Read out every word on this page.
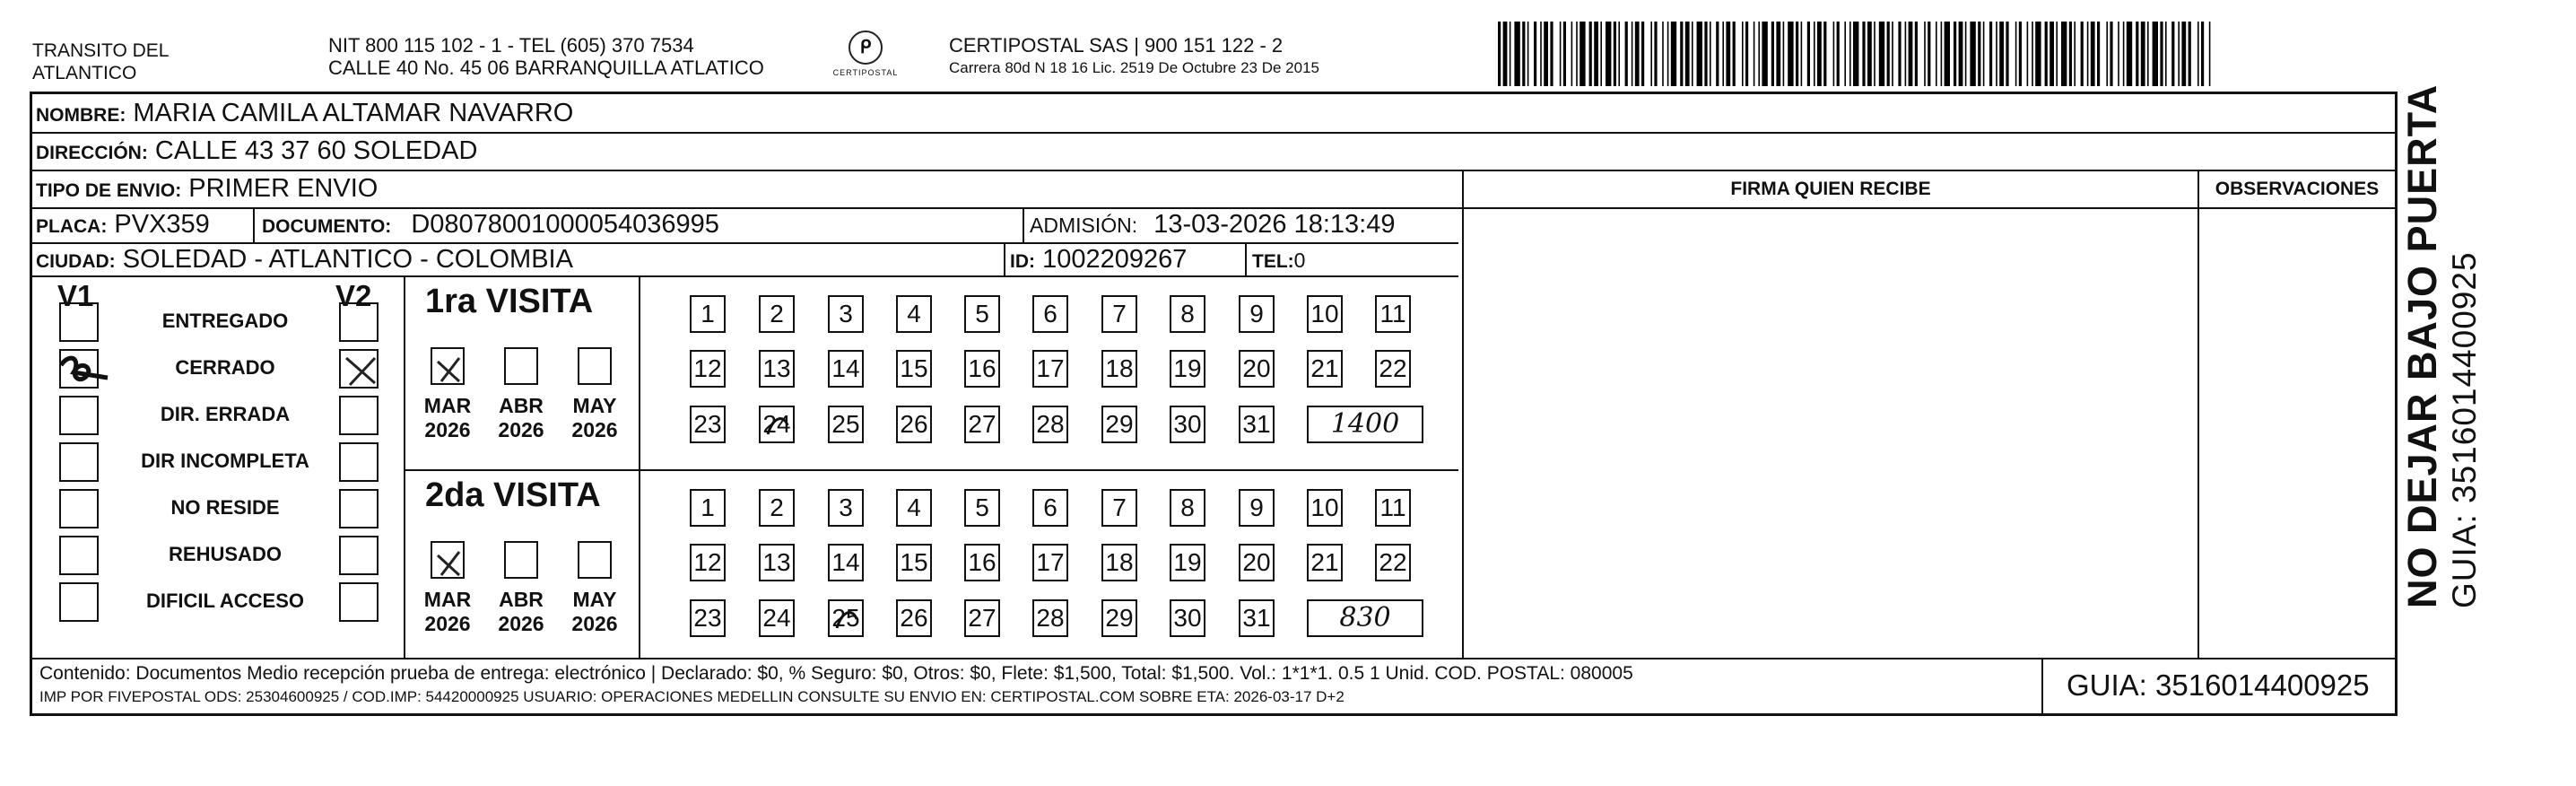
TRANSITO DEL
ATLANTICO
NIT 800 115 102 - 1 - TEL (605) 370 7534
CALLE 40 No. 45 06 BARRANQUILLA ATLATICO
ᑭ
CERTIPOSTAL
CERTIPOSTAL SAS | 900 151 122 - 2
Carrera 80d N 18 16 Lic. 2519 De Octubre 23 De 2015
NOMBRE: MARIA CAMILA ALTAMAR NAVARRO
DIRECCIÓN: CALLE 43 37 60 SOLEDAD
TIPO DE ENVIO: PRIMER ENVIO	FIRMA QUIEN RECIBE	OBSERVACIONES
PLACA: PVX359	DOCUMENTO: D08078001000054036995	ADMISIÓN: 13-03-2026 18:13:49
CIUDAD: SOLEDAD - ATLANTICO - COLOMBIA	ID: 1002209267	TEL:0
V1	V2
ENTREGADO
CERRADO
DIR. ERRADA
DIR INCOMPLETA
NO RESIDE
REHUSADO
DIFICIL ACCESO
1ra VISITA
MAR
2026
ABR
2026
MAY
2026
1	2	3	4	5	6	7	8	9	10 11
12 13 14 15 16 17 18 19 20 21 22
23 24 25 26 27 28 29 30 31	1400
2da VISITA
MAR
2026
ABR
2026
MAY
2026
1	2	3	4	5	6	7	8	9	10 11
12 13 14 15 16 17 18 19 20 21 22
23 24 25 26 27 28 29 30 31	830
Contenido: Documentos Medio recepción prueba de entrega: electrónico | Declarado: $0, % Seguro: $0, Otros: $0, Flete: $1,500, Total: $1,500. Vol.: 1*1*1. 0.5 1 Unid. COD. POSTAL: 080005
IMP POR FIVEPOSTAL ODS: 25304600925 / COD.IMP: 54420000925 USUARIO: OPERACIONES MEDELLIN CONSULTE SU ENVIO EN: CERTIPOSTAL.COM SOBRE ETA: 2026-03-17 D+2	GUIA: 3516014400925
NO DEJAR BAJO PUERTA GUIA: 3516014400925
